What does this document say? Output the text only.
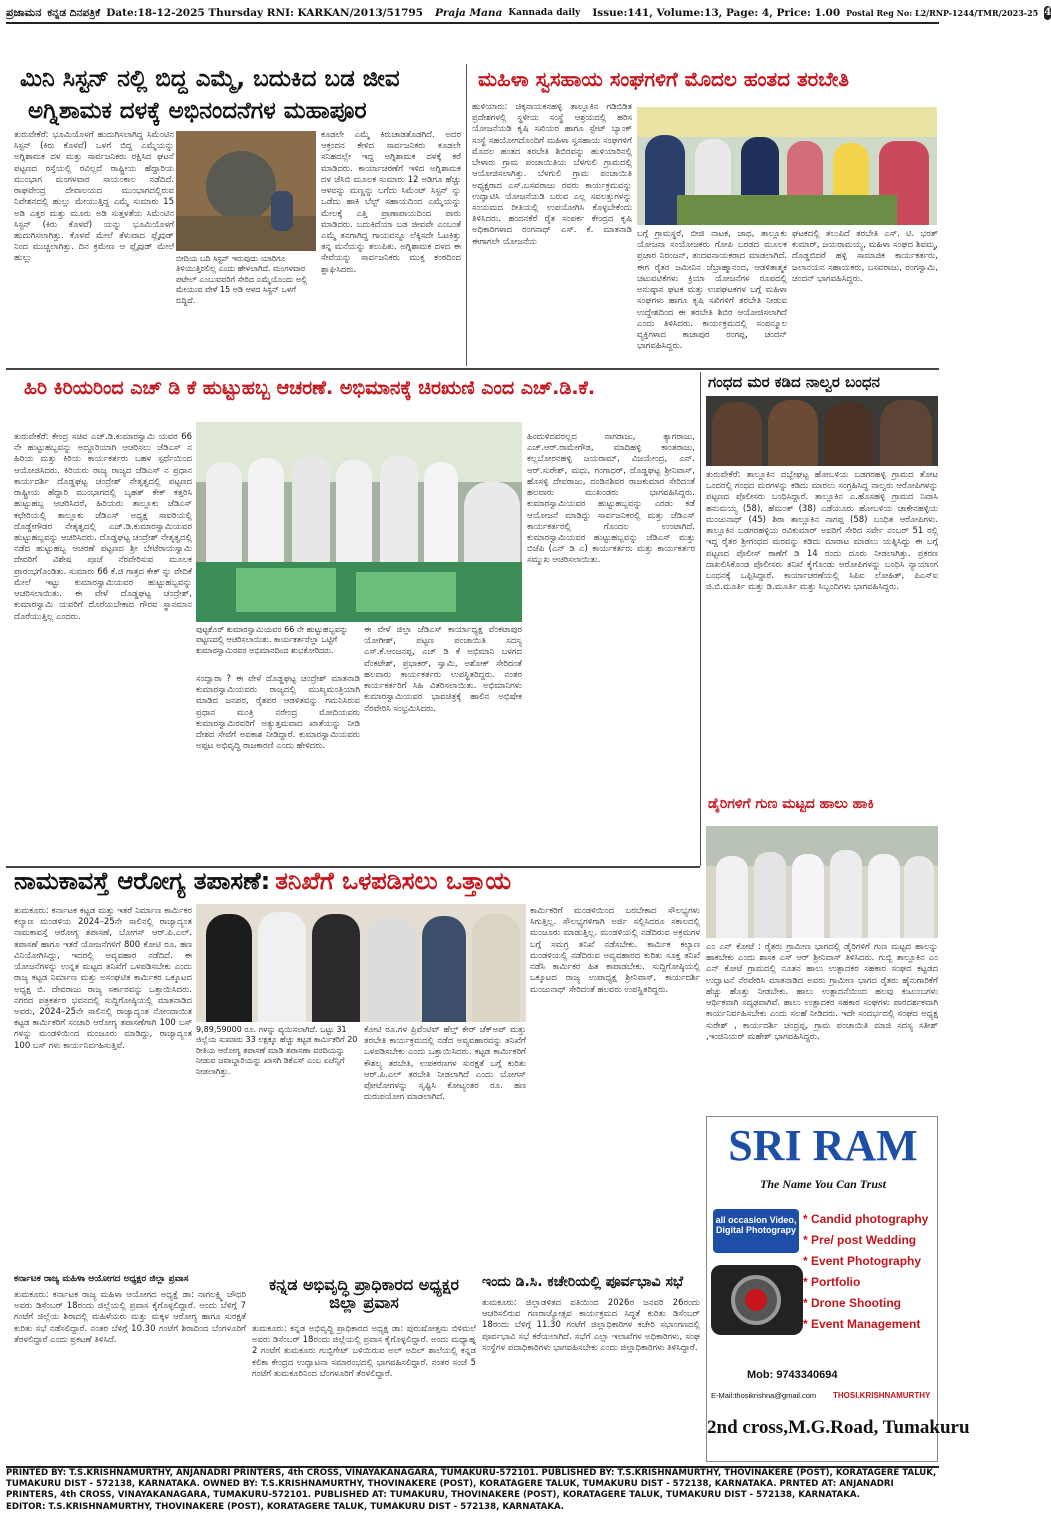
ಪ್ರಜಾಮನ ಕನ್ನಡ ದಿನಪತ್ರಿಕೆ Date:18-12-2025 Thursday RNI: KARKAN/2013/51795 Praja Mana Kannada daily Issue:141, Volume:13, Page: 4, Price: 1.00 Postal Reg No: L2/RNP-1244/TMR/2023-25 4
ಮಿನಿ ಸಿಸ್ಟನ್ ನಲ್ಲಿ ಬಿದ್ದ ಎಮ್ಮೆ, ಬದುಕಿದ ಬಡ ಜೀವ
ಅಗ್ನಿಶಾಮಕ ದಳಕ್ಕೆ ಅಭಿನಂದನೆಗಳ ಮಹಾಪೂರ
ತುರುವೇಕೆರೆ: ಭೂಮಿಯೊಳಗೆ ಹುದುಗಿಸಲಾಗಿದ್ದ ಸಿಮೆಂಟಿನ ಸಿಸ್ಟನ್ (ಕಿರು ಕೊಳವೆ) ಒಳಗೆ ಬಿದ್ದ ಎಮ್ಮೆಯನ್ನು ಅಗ್ನಿಶಾಮಕ ದಳ ಮತ್ತು ಸಾರ್ವಜನಿಕರು ರಕ್ಷಿಸಿದ ಘಟನೆ ಪಟ್ಟಣದ ರಸ್ತೆಯಲ್ಲಿ ರವಿಲ್ಲದೆ ರಾಷ್ಟ್ರೀಯ ಹೆದ್ದಾರಿಯ ಮುಂಭಾಗ ಮಂಗಳವಾರ ಸಾಯಂಕಾಲ ನಡೆದಿದೆ. ರಾಘವೇಂದ್ರ ದೇವಾಲಯದ ಮುಂಭಾಗದಲ್ಲಿರುವ ನಿವೇಶನದಲ್ಲಿ ಹುಲ್ಲು ಮೇಯುತ್ತಿದ್ದ ಎಮ್ಮೆ ಸುಮಾರು 15 ಅಡಿ ಎತ್ತರ ಮತ್ತು ಮೂರು ಅಡಿ ಸುತ್ತಳತೆಯ ಸಿಮೆಂಟಿನ ಸಿಸ್ಟನ್ (ಕಿರು ಕೊಳವೆ) ಯನ್ನು ಭೂಮಿಯೊಳಗೆ ಹುದುಗಿಸಲಾಗಿತ್ತು. ಕೊಳವೆ ಮೇಲೆ ತೆಳುವಾದ ಪ್ಲೈವುಡ್ ನಿಂದ ಮುಚ್ಚಲಾಗಿತ್ತು. ದಿನ ಕ್ರಮೇಣ ಆ ಪ್ಲೈವುಡ್ ಮೇಲೆ ಹುಲ್ಲು	ಬೀದಿಯ ಬದಿ ಸಿಸ್ಟನ್ ಇರುವುದು ಯಾರಿಗೂ ತಿಳಿಯುತ್ತಿರಲಿಲ್ಲ ಎಂದು ಹೇಳಲಾಗಿದೆ. ಮಂಗಳವಾರ ಪಟೇಲ್ ಎಂಬುವವರಿಗೆ ಸೇರಿದ ಎಮ್ಮೆಯೊಂದು ಅಲ್ಲಿ ಮೇಯುವ ವೇಳೆ 15 ಅಡಿ ಆಳದ ಸಿಸ್ಟನ್ ಒಳಗೆ ಬಿದ್ದಿದೆ.
ಕೂಡಲೇ ಎಮ್ಮೆ ಕಿರುಚಾಡತೊಡಗಿದೆ. ಅದರ ಆಕ್ರಂದನ ಕೇಳಿದ ಸಾರ್ವಜನಿಕರು ಕೂಡಲೇ ಸನಿಹದಲ್ಲೇ ಇದ್ದ ಅಗ್ನಿಶಾಮಕ ದಳಕ್ಕೆ ಕರೆ ಮಾಡಿದರು. ಕಾರ್ಯಾಚರಣೆಗೆ ಇಳಿದ ಅಗ್ನಿಶಾಮಕ ದಳ ಜೆಸಿಬಿ ಮೂಲಕ ಸುಮಾರು 12 ಅಡಿಗೂ ಹೆಚ್ಚು ಆಳವನ್ನು ಮಣ್ಣನ್ನು ಬಗೆದು ಸಿಮೆಂಟ್ ಸಿಸ್ಟನ್ ನ್ನು ಒಡೆದು ಹಾಕಿ ಬೆಲ್ಟ್ ಸಹಾಯದಿಂದ ಎಮ್ಮೆಯನ್ನು ಮೇಲಕ್ಕೆ ಎತ್ತಿ ಪ್ರಾಣಾಪಾಯದಿಂದ ಪಾರು ಮಾಡಿದರು. ಬದುಕಿದೆಯಾ ಬಡ ಜೀವವೇ ಎಂಬಂತೆ ಎಮ್ಮೆ ತನಗಾಗಿದ್ದ ಗಾಯವನ್ನೂ ಲೆಕ್ಕಿಸದೇ ಓಟಕಿತ್ತು ತನ್ನ ಮನೆಯನ್ನು ತಲುಪಿತು. ಅಗ್ನಿಶಾಮಕ ದಳದ ಈ ಸೇವೆಯನ್ನು ಸಾರ್ವಜನಿಕರು ಮುಕ್ತ ಕಂಠದಿಂದ ಶ್ಲಾಘಿಸಿದರು.
ಮಹಿಳಾ ಸ್ವಸಹಾಯ ಸಂಘಗಳಿಗೆ ಮೊದಲ ಹಂತದ ತರಬೇತಿ
ಹುಳಿಯಾರು: ಚಿಕ್ಕನಾಯಕನಹಳ್ಳಿ ತಾಲ್ಲೂಕಿನ ಗಡಿಬಿಡಿತ ಪ್ರದೇಶಗಳಲ್ಲಿ ಸ್ಥಳೀಯ ಸಂಸ್ಥೆ ಆಶ್ರಯದಲ್ಲಿ ಹರಿಸ ಯೋಜನೆಯಡಿ ಕೃಷಿ ಸಖಿಯರ ಹಾಗೂ ಸ್ಟೇಟ್ ಬ್ಯಾಂಕ್ ಸಂಸ್ಥೆ ಸಹಯೋಗದೊಂದಿಗೆ ಮಹಿಳಾ ಸ್ವಸಹಾಯ ಸಂಘಗಳಿಗೆ ಮೊದಲ ಹಂತದ ತರಬೇತಿ ಶಿಬಿರವನ್ನು ಹುಳಿಯಾರಿನಲ್ಲಿ ಬೇಳಾರು ಗ್ರಾಮ ಪಂಚಾಯಿತಿಯ ಬೆಳಗುಲಿ ಗ್ರಾಮದಲ್ಲಿ ಆಯೋಜಿಸಲಾಗಿತ್ತು. ಬೆಳಗುಲಿ ಗ್ರಾಮ ಪಂಚಾಯಿತಿ ಅಧ್ಯಕ್ಷರಾದ ಎಸ್.ಬಸವರಾಜು ರವರು ಕಾರ್ಯಕ್ರಮವನ್ನು ಉದ್ಘಾಟಿಸಿ ಯೋಜನೆಯಡಿ ಬರುವ ಎಲ್ಲ ಸವಲತ್ತುಗಳನ್ನು ಸಂಯಮದ ರೀತಿಯಲ್ಲಿ ಉಪಯೋಗಿಸಿ ಕೊಳ್ಳಬೇಕೆಂದು ತಿಳಿಸಿದರು. ಹಂದನಕೆರೆ ರೈತ ಸಂಪರ್ಕ ಕೇಂದ್ರದ ಕೃಷಿ ಅಧಿಕಾರಿಗಳಾದ ರಂಗನಾಥ್ ಎಸ್. ಕೆ. ಮಾತನಾಡಿ ಈಗಾಗಲೇ ಯೋಜನೆಯ
ಬಗ್ಗೆ ಗ್ರಾಮಸ್ಥರೆ, ಬೀಜಿ ನಾಟಕ, ಜಾಥ, ತಾಲ್ಲೂಕು ಯೋಜನಾ ಸಂಯೋಜಕರು ಗೋಪಿ ಬರಡದ ಮೂಲಕ ಪ್ರಚಾರ ನಿರಂಜನ್, ತಂದವನಾಯಕರಾದ ಮಾಡಲಾಗಿದೆ. ಈಗ ರೈತರ ಜಮೀನಿನ ಜೆಬ್ರಾಹ್ಮಾನಂದ, ಆಡಳಿತಾತ್ಮಕ ಚಟುವಟಿಕೆಗಳು ಕ್ರಿಯಾ ಯೋಜನೆಗಳ ರೂಪದಲ್ಲಿ ಅನುಷ್ಠಾನ ಘಟಕ ಮತ್ತು ಉಪಘಟಕಗಳ ಬಗ್ಗೆ ಮಹಿಳಾ ಸಂಘಗಳು ಹಾಗೂ ಕೃಷಿ ಸಖಿಗಳಿಗೆ ತರಬೇತಿ ನೀಡುವ ಉದ್ದೇಶದಿಂದ ಈ ತರಬೇತಿ ಶಿಬಿರ ಆಯೋಜಿಸಲಾಗಿದೆ ಎಂದು ತಿಳಿಸಿದರು. ಕಾರ್ಯಕ್ರಮದಲ್ಲಿ ಸಂಪನ್ಮೂಲ ವ್ಯಕ್ತಿಗಳಾದ ಕಾಚಾಪುರ ರಂಗಪ್ಪ, ಚಂದನ್ ಭಾಗವಹಿಸಿದ್ದರು.
ಘಟಕದಲ್ಲಿ ತಲುಪಿದೆ ತರಬೇತಿ ಎಸ್. ಟಿ. ಭರತ್ ಕುಮಾರ್, ಜಯರಾಮಯ್ಯ, ಮಹಿಳಾ ಸಂಘದ ಶಿವಮ್ಮ, ದೊಡ್ಡಬಿದರೆ ಹಳ್ಳಿ ಸಾಮಾಜಿಕ ಕಾರ್ಯಕರ್ತರು, ಜಲಾನಯನ ಸಹಾಯಕರು, ಬಸವರಾಜು, ರಂಗಸ್ವಾಮಿ, ಚಂದನ್ ಭಾಗವಹಿಸಿದ್ದರು.
ಹಿರಿ ಕಿರಿಯರಿಂದ ಎಚ್ ಡಿ ಕೆ ಹುಟ್ಟುಹಬ್ಬ ಆಚರಣೆ. ಅಭಿಮಾನಕ್ಕೆ ಚಿರಋಣಿ ಎಂದ ಎಚ್.ಡಿ.ಕೆ.
ತುರುವೇಕೆರೆ: ಕೇಂದ್ರ ಸಚಿವ ಎಚ್.ಡಿ.ಕುಮಾರಸ್ವಾಮಿ ಯವರ 66 ನೇ ಹುಟ್ಟುಹಬ್ಬವನ್ನು ಅದ್ದೂರಿಯಾಗಿ ಆಚರಿಸಲು ಜೆಡಿಎಸ್ ನ ಹಿರಿಯ ಮತ್ತು ಕಿರಿಯ ಕಾರ್ಯಕರ್ತರು ಬಹಳ ಸ್ಪರ್ಧೆಯಿಂದ ಆಯೋಜಿಸಿದರು. ಕಿರಿಯರು ರಾಜ್ಯ ರಾಜ್ಯದ ಜೆಡಿಎಸ್ ನ ಪ್ರಧಾನ ಕಾರ್ಯದರ್ಶಿ ದೊಡ್ಡಘಟ್ಟ ಚಂದ್ರೇಶ್ ನೇತೃತ್ವದಲ್ಲಿ ಪಟ್ಟಣದ ರಾಷ್ಟ್ರೀಯ ಹೆದ್ದಾರಿ ಮುಂಭಾಗದಲ್ಲಿ ಬೃಹತ್ ಕೇಕ್ ಕತ್ತರಿಸಿ ಹುಟ್ಟುಹಬ್ಬ ಆಚರಿಸಿದರೆ, ಹಿರಿಯರು ತಾಲ್ಲೂಕು ಜೆಡಿಎಸ್ ಕಛೇರಿಯಲ್ಲಿ ತಾಲ್ಲೂಕು ಜೆಡಿಎಸ್ ಅಧ್ಯಕ್ಷ ಸಾವರಿಯಲ್ಲಿ ದೊಡ್ಡೇಗೌಡರ ನೇತೃತ್ವದಲ್ಲಿ ಎಚ್.ಡಿ.ಕುಮಾರಸ್ವಾಮಿಯವರ ಹುಟ್ಟುಹಬ್ಬವನ್ನು ಆಚರಿಸಿದರು. ದೊಡ್ಡಘಟ್ಟ ಚಂದ್ರೇಶ್ ನೇತೃತ್ವದಲ್ಲಿ ನಡೆದ ಹುಟ್ಟುಹಬ್ಬ ಆಚರಣೆ ಪಟ್ಟಣದ ಶ್ರೀ ಬೇಟೆರಾಯಸ್ವಾಮಿ ದೇವರಿಗೆ ವಿಶೇಷ ಪೂಜೆ ನೆರವೇರಿಸುವ ಮೂಲಕ ಪ್ರಾರಂಭಗೊಂಡಿತು. ಸುಮಾರು 66 ಕೆ.ಜಿ ಗಾತ್ರದ ಕೇಕ್ ನ್ನು ವೇದಿಕೆ ಮೇಲೆ ಇಟ್ಟು ಕುಮಾರಸ್ವಾಮಿಯವರ ಹುಟ್ಟುಹಬ್ಬವನ್ನು ಆಚರಿಸಲಾಯಿತು. ಈ ವೇಳೆ ದೊಡ್ಡಘಟ್ಟ ಚಂದ್ರೇಶ್, ಕುಮಾರಸ್ವಾಮಿ ಯವರಿಗೆ ದೊರೆಯಬೇಕಾದ ಗೌರವ ಸ್ಥಾನಮಾನ ದೊರೆಯುತ್ತಿಲ್ಲ ಎಂದರು.
ಪುಟ್ಟಕೊರ್ ಕುಮಾರಸ್ವಾಮಿಯವರ 66 ನೇ ಹುಟ್ಟುಹಬ್ಬವನ್ನು ಪಟ್ಟಣದಲ್ಲಿ ಆಚರಿಸಲಾಯಿತು. ಕಾರ್ಯಕರ್ತರೆಲ್ಲಾ ಒಟ್ಟಿಗೆ ಕುಮಾರಸ್ವಾಮಿರವರ ಅಭಿಮಾನದಿಂದ ಶುಭಕೋರಿದರು.
ಸಂದ್ವಾರಾ ? ಈ ವೇಳೆ ದೊಡ್ಡಘಟ್ಟ ಚಂದ್ರೇಶ್ ಮಾತನಾಡಿ ಕುಮಾರಸ್ವಾಮಿಯವರು ರಾಜ್ಯದಲ್ಲಿ ಮುಖ್ಯಮಂತ್ರಿಯಾಗಿ ಮಾಡಿದ ಜನಪರ, ರೈತಪರ ಆಡಳಿತವನ್ನು ಗಮನಿಸಿರುವ ಪ್ರಧಾನ ಮಂತ್ರಿ ನರೇಂದ್ರ ಮೋದಿಯವರು ಕುಮಾರಸ್ವಾಮಿರವರಿಗೆ ಅತ್ಯುತ್ತಮವಾದ ಖಾತೆಯನ್ನು ನೀಡಿ ದೇಶದ ಸೇವೆಗೆ ಅವಕಾಶ ನೀಡಿದ್ದಾರೆ. ಕುಮಾರಸ್ವಾಮಿಯವರು ಅಪ್ಪಟ ಅಭಿವೃದ್ಧಿ ರಾಜಕಾರಣಿ ಎಂದು ಹೇಳಿದರು.
ಈ ವೇಳೆ ಜಿಲ್ಲಾ ಜೆಡಿಎಸ್ ಕಾರ್ಯಾಧ್ಯಕ್ಷ ವೆಂಕಟಾಪುರ ಯೋಗೀಶ್, ಪಟ್ಟಣ ಪಂಚಾಯಿತಿ ಸದಸ್ಯ ಎಸ್.ಕೆ.ಆಂಜನಪ್ಪ, ಎಚ್ ಡಿ ಕೆ ಅಭಿಮಾನಿ ಬಳಗದ ವೆಂಕಟೇಶ್, ಪ್ರಭಾಕರ್, ಸ್ವಾಮಿ, ಅಶೋಕ್ ಸೇರಿದಂತೆ ಹಲವಾರು ಕಾರ್ಯಕರ್ತರು ಉಪಸ್ಥಿತರಿದ್ದರು. ನಂತರ ಕಾರ್ಯಕರ್ತರಿಗೆ ಸಿಹಿ ವಿತರಿಸಲಾಯಿತು. ಅಭಿಮಾನಿಗಳು ಕುಮಾರಸ್ವಾಮಿಯವರ ಭಾವಚಿತ್ರಕ್ಕೆ ಹಾಲಿನ ಅಭಿಷೇಕ ನೆರವೇರಿಸಿ ಸಂಭ್ರಮಿಸಿದರು.
ಹಿಂದುಳಿದವರಲ್ಲದ ನಾಗರಾಜು, ತ್ಯಾಗರಾಜು, ಎಚ್.ಆರ್.ರಾಮೇಗೌಡ, ಮಾದಿಹಳ್ಳಿ ಕಾಂತರಾಜು, ಕಲ್ಲಬೋರನಹಳ್ಳಿ ಜಯರಾಮ್, ವಿಜಯೇಂದ್ರ, ಎನ್. ಆರ್.ಸುರೇಶ್, ಮಧು, ಗಂಗಾಧರ್, ದೊಡ್ಡಘಟ್ಟ ಶ್ರೀನಿವಾಸ್, ಹೊಸಳ್ಳಿ ದೇವರಾಜು, ದಂಡಿನಶಿವರ ರಾಜಕುಮಾರ ಸೇರಿದಂತೆ ಹಲವಾರು ಮುಖಂಡರು ಭಾಗವಹಿಸಿದ್ದರು. ಕುಮಾರಸ್ವಾಮಿಯವರ ಹುಟ್ಟುಹಬ್ಬವನ್ನು ಎರಡು ಕಡೆ ಆಯೋಜನೆ ಮಾಡಿದ್ದು ಸಾರ್ವಜನಿಕರಲ್ಲಿ ಮತ್ತು ಜೆಡಿಎಸ್ ಕಾರ್ಯಕರ್ತರಲ್ಲಿ ಗೊಂದಲ ಉಂಟಾಗಿದೆ. ಕುಮಾರಸ್ವಾಮಿಯವರ ಹುಟ್ಟುಹಬ್ಬವನ್ನು ಜೆಡಿಎಸ್ ಮತ್ತು ಬಿಜೆಪಿ (ಎನ್ ಡಿ ಎ) ಕಾರ್ಯಕರ್ತರು ಮತ್ತು ಕಾರ್ಯಕರ್ತರ ಸಮ್ಮುಖ ಆಚರಿಸಲಾಯಿತು.
ಗಂಧದ ಮರ ಕಡಿದ ನಾಲ್ವರ ಬಂಧನ
ತುರುವೇಕೆರೆ: ತಾಲ್ಲೂಕಿನ ದಬ್ಬೇಘಟ್ಟ ಹೋಬಳಿಯ ಬಡಗರಹಳ್ಳಿ ಗ್ರಾಮದ ತೋಟ ಒಂದರಲ್ಲಿ ಗಂಧದ ಮರಗಳನ್ನು ಕಡಿದು ಮಾರಲು ಸಂಗ್ರಹಿಸಿದ್ದ ನಾಲ್ವರು ಆರೋಪಿಗಳನ್ನು ಪಟ್ಟಣದ ಪೊಲೀಸರು ಬಂಧಿಸಿದ್ದಾರೆ. ತಾಲ್ಲೂಕಿನ ಎ.ಹೊಸಹಳ್ಳಿ ಗ್ರಾಮದ ನಿವಾಸಿ ಹನುಮಯ್ಯ (58), ಹೆಮಂತ್ (38) ಎಡೆಯೂರು ಹೋಬಳಿಯ ಚಾಕೇನಹಳ್ಳಿಯ ಮಂಜುನಾಥ್ (45) ಶಿರಾ ತಾಲ್ಲೂಕಿನ ನಾಗಪ್ಪ (58) ಬಂಧಿತ ಆರೋಪಿಗಳು. ತಾಲ್ಲೂಕಿನ ಬಡಗರಹಳ್ಳಿಯ ರವಿಕುಮಾರ್ ಅವರಿಗೆ ಸೇರಿದ ಸರ್ವೇ ನಂಬರ್ 51 ರಲ್ಲಿ ಇದ್ದ ರೈತರ ಶ್ರೀಗಂಧದ ಮರವನ್ನು ಕಡಿದು ಮಾರಾಟ ಮಾಡಲು ಯತ್ನಿಸಿದ್ದು ಈ ಬಗ್ಗೆ ಪಟ್ಟಣದ ಪೊಲೀಸ್ ಠಾಣೆಗೆ ಡಿ 14 ರಂದು ದೂರು ನೀಡಲಾಗಿತ್ತು. ಪ್ರಕರಣ ದಾಖಲಿಸಿಕೊಂಡ ಪೊಲೀಸರು ತನಿಖೆ ಕೈಗೊಂಡು ಆರೋಪಿಗಳನ್ನು ಬಂಧಿಸಿ ನ್ಯಾಯಾಂಗ ಬಂಧನಕ್ಕೆ ಒಪ್ಪಿಸಿದ್ದಾರೆ. ಕಾರ್ಯಾಚರಣೆಯಲ್ಲಿ ಸಿಪಿಐ ಲೋಹಿತ್, ಪಿಎಸ್ಐ ಜಿ.ಬಿ.ಮೂರ್ತಿ ಮತ್ತು ಡಿ.ಮೂರ್ತಿ ಮತ್ತು ಸಿಬ್ಬಂದಿಗಳು ಭಾಗವಹಿಸಿದ್ದರು.
ಡೈರಿಗಳಿಗೆ ಗುಣ ಮಟ್ಟದ ಹಾಲು ಹಾಕಿ
ಎಂ ಎನ್ ಕೋಟೆ : ರೈತರು ಗ್ರಾಮೀಣ ಭಾಗದಲ್ಲಿ ಡೈರಿಗಳಿಗೆ ಗುಣ ಮಟ್ಟದ ಹಾಲನ್ನು ಹಾಕಬೇಕು ಎಂದು ಶಾಸಕ ಎಸ್ ಆರ್ ಶ್ರೀನಿವಾಸ್ ತಿಳಿಸಿದರು. ಗುಬ್ಬಿ ತಾಲ್ಲೂಕಿನ ಎಂ ಎನ್ ಕೋಟೆ ಗ್ರಾಮದಲ್ಲಿ ನೂತನ ಹಾಲು ಉತ್ಪಾದಕರ ಸಹಕಾರ ಸಂಘದ ಕಟ್ಟಡದ ಉದ್ಘಾಟನೆ ನೆರವೇರಿಸಿ ಮಾತನಾಡಿದ ಅವರು ಗ್ರಾಮೀಣ ಭಾಗದ ರೈತರು ಹೈನುಗಾರಿಕೆಗೆ ಹೆಚ್ಚು ಹೊತ್ತು ನೀಡಬೇಕು. ಹಾಲು ಉತ್ಪಾದನೆಯಿಂದ ಹಲವು ಕುಟುಂಬಗಳು ಆರ್ಥಿಕವಾಗಿ ಸದೃಢವಾಗಿವೆ. ಹಾಲು ಉತ್ಪಾದಕರ ಸಹಕಾರ ಸಂಘಗಳು ಪಾರದರ್ಶಕವಾಗಿ ಕಾರ್ಯನಿರ್ವಹಿಸಬೇಕು ಎಂದು ಸಲಹೆ ನೀಡಿದರು. ಇದೇ ಸಂದರ್ಭದಲ್ಲಿ ಸಂಘದ ಅಧ್ಯಕ್ಷ ಸುರೇಶ್ , ಕಾರ್ಯದರ್ಶಿ ಚಂದ್ರಪ್ಪ, ಗ್ರಾಮ ಪಂಚಾಯಿತಿ ಮಾಜಿ ಸದಸ್ಯ ಸತೀಶ್ ,ಇಂಜಿನಿಯರ್ ಮಹೇಶ್ ಭಾಗವಹಿಸಿದ್ದರು.
ನಾಮಕಾವಸ್ತೆ ಆರೋಗ್ಯ ತಪಾಸಣೆ: ತನಿಖೆಗೆ ಒಳಪಡಿಸಲು ಒತ್ತಾಯ
ತುಮಕೂರು: ಕರ್ನಾಟಕ ಕಟ್ಟಡ ಮತ್ತು ಇತರೆ ನಿರ್ಮಾಣ ಕಾರ್ಮಿಕರ ಕಲ್ಯಾಣ ಮಂಡಳಿಯ 2024–25ನೇ ಸಾಲಿನಲ್ಲಿ ರಾಜ್ಯಾದ್ಯಂತ ನಾಮಕಾವಸ್ತೆ ಆರೋಗ್ಯ ತಪಾಸಣೆ, ಬೋಗಸ್ ಆರ್.ಪಿ.ಎಲ್. ತಪಾಸಣೆ ಹಾಗೂ ಇತರೆ ಯೋಜನೆಗಳಿಗೆ 800 ಕೋಟಿ ರೂ. ಹಣ ವಿನಿಯೋಗಿಸಿದ್ದು, ಇದರಲ್ಲಿ ಅವ್ಯವಹಾರ ನಡೆದಿದೆ. ಈ ಯೋಜನೆಗಳನ್ನು ಉನ್ನತ ಮಟ್ಟದ ತನಿಖೆಗೆ ಒಳಪಡಿಸಬೇಕು ಎಂದು ರಾಜ್ಯ ಕಟ್ಟಡ ನಿರ್ಮಾಣ ಮತ್ತು ಅಸಂಘಟಿತ ಕಾರ್ಮಿಕರ ಒಕ್ಕೂಟದ ಅಧ್ಯಕ್ಷ ಬಿ. ದೇವರಾಜು ರಾಜ್ಯ ಸರ್ಕಾರವನ್ನು ಒತ್ತಾಯಿಸಿದರು. ನಗರದ ಪತ್ರಕರ್ತರ ಭವನದಲ್ಲಿ ಸುದ್ದಿಗೋಷ್ಠಿಯಲ್ಲಿ ಮಾತನಾಡಿದ ಅವರು, 2024–25ನೇ ಸಾಲಿನಲ್ಲಿ ರಾಜ್ಯಾದ್ಯಂತ ನೋಂದಾಯಿತ ಕಟ್ಟಡ ಕಾರ್ಮಿಕರಿಗೆ ಸಂಚಾರಿ ಆರೋಗ್ಯ ತಪಾಸಣೆಗಾಗಿ 100 ಬಸ್ ಗಳನ್ನು ಮಂಡಳಿಯಿಂದ ಮಂಜೂರು ಮಾಡಿದ್ದು, ರಾಜ್ಯಾದ್ಯಂತ 100 ಬಸ್ ಗಳು ಕಾರ್ಯನಿರ್ವಹಿಸುತ್ತಿವೆ.
9,89,59000 ರೂ. ಗಳನ್ನು ವ್ಯಯಿಸಲಾಗಿದೆ. ಒಟ್ಟು 31 ಜಿಲ್ಲೆಯ ಸುಮಾರು 33 ಲಕ್ಷಕ್ಕೂ ಹೆಚ್ಚು ಕಟ್ಟಡ ಕಾರ್ಮಿಕರಿಗೆ 20 ರೀತಿಯ ಆರೋಗ್ಯ ತಪಾಸಣೆ ಮಾಡಿ ತಪಾಸಣಾ ವರದಿಯನ್ನು ನೀಡುವ ಜವಾಬ್ದಾರಿಯನ್ನು ಖಾಸಗಿ ಡಿಕೆಎಸ್ ಎಂಬ ಏಜೆನ್ಸಿಗೆ ನೀಡಲಾಗಿತ್ತು.
ಕೋಟಿ ರೂ.ಗಳ ಪ್ರಿವೆಂಟಿವ್ ಹೆಲ್ತ್ ಕೇರ್ ಚೆಕ್ಅಪ್ ಮತ್ತು ತರಬೇತಿ ಕಾರ್ಯಕ್ರಮದಲ್ಲಿ ನಡೆದ ಅವ್ಯವಹಾರವನ್ನು ತನಿಖೆಗೆ ಒಳಪಡಿಸಬೇಕು ಎಂದು ಒತ್ತಾಯಿಸಿದರು. ಕಟ್ಟಡ ಕಾರ್ಮಿಕರಿಗೆ ಕೌಶಲ್ಯ ತರಬೇತಿ, ಉಪಕರಣಗಳ ಸುರಕ್ಷತೆ ಬಗ್ಗೆ ಕುರಿತು ಆರ್.ಪಿ.ಎಲ್ ತರಬೇತಿ ನೀಡಲಾಗಿದೆ ಎಂದು ಬೋಗಸ್ ಪೋಟೋಗಳನ್ನು ಸೃಷ್ಟಿಸಿ ಕೋಟ್ಯಂತರ ರೂ. ಹಣ ದುರುಪಯೋಗ ಮಾಡಲಾಗಿದೆ.
ಕಾರ್ಮಿಕರಿಗೆ ಮಂಡಳಿಯಿಂದ ಬರಬೇಕಾದ ಸೌಲಭ್ಯಗಳು ಸಿಗುತ್ತಿಲ್ಲ. ಸೌಲಭ್ಯಗಳಿಗಾಗಿ ಅರ್ಜಿ ಸಲ್ಲಿಸಿದರೂ ಸಕಾಲದಲ್ಲಿ ಮಂಜೂರು ಮಾಡುತ್ತಿಲ್ಲ. ಮಂಡಳಿಯಲ್ಲಿ ನಡೆದಿರುವ ಅಕ್ರಮಗಳ ಬಗ್ಗೆ ಸಮಗ್ರ ತನಿಖೆ ನಡೆಸಬೇಕು. ಕಾರ್ಮಿಕ ಕಲ್ಯಾಣ ಮಂಡಳಿಯಲ್ಲಿ ನಡೆದಿರುವ ಅವ್ಯವಹಾರದ ಕುರಿತು ಸೂಕ್ತ ತನಿಖೆ ನಡೆಸಿ ಕಾರ್ಮಿಕರ ಹಿತ ಕಾಪಾಡಬೇಕು. ಸುದ್ದಿಗೋಷ್ಠಿಯಲ್ಲಿ ಒಕ್ಕೂಟದ ರಾಜ್ಯ ಉಪಾಧ್ಯಕ್ಷ ಶ್ರೀನಿವಾಸ್, ಕಾರ್ಯದರ್ಶಿ ಮಂಜುನಾಥ್ ಸೇರಿದಂತೆ ಹಲವರು ಉಪಸ್ಥಿತರಿದ್ದರು.
ಕರ್ನಾಟಕ ರಾಜ್ಯ ಮಹಿಳಾ ಆಯೋಗದ ಅಧ್ಯಕ್ಷರ ಜಿಲ್ಲಾ ಪ್ರವಾಸ
ತುಮಕೂರು: ಕರ್ನಾಟಕ ರಾಜ್ಯ ಮಹಿಳಾ ಆಯೋಗದ ಅಧ್ಯಕ್ಷೆ ಡಾ: ನಾಗಲಕ್ಷ್ಮಿ ಚೌಧರಿ ಅವರು ಡಿಸೆಂಬರ್ 18ರಂದು ಜಿಲ್ಲೆಯಲ್ಲಿ ಪ್ರವಾಸ ಕೈಗೊಳ್ಳಲಿದ್ದಾರೆ. ಅಂದು ಬೆಳಿಗ್ಗೆ 7 ಗಂಟೆಗೆ ಜಿಲ್ಲೆಯ ಶಿರಾದಲ್ಲಿ ಮಹಿಳೆಯರು ಮತ್ತು ಮಕ್ಕಳ ಆರೋಗ್ಯ ಹಾಗೂ ಸುರಕ್ಷತೆ ಕುರಿತು ಸಭೆ ನಡೆಸಲಿದ್ದಾರೆ. ನಂತರ ಬೆಳಿಗ್ಗೆ 10.30 ಗಂಟೆಗೆ ಶಿರಾದಿಂದ ಬೆಂಗಳೂರಿಗೆ ತೆರಳಲಿದ್ದಾರೆ ಎಂದು ಪ್ರಕಟಣೆ ತಿಳಿಸಿದೆ.
ಕನ್ನಡ ಅಭಿವೃದ್ಧಿ ಪ್ರಾಧಿಕಾರದ ಅಧ್ಯಕ್ಷರ ಜಿಲ್ಲಾ ಪ್ರವಾಸ
ತುಮಕೂರು: ಕನ್ನಡ ಅಭಿವೃದ್ಧಿ ಪ್ರಾಧಿಕಾರದ ಅಧ್ಯಕ್ಷ ಡಾ: ಪುರುಷೋತ್ತಮ ಬಿಳಿಮಲೆ ಅವರು ಡಿಸೆಂಬರ್ 18ರಂದು ಜಿಲ್ಲೆಯಲ್ಲಿ ಪ್ರವಾಸ ಕೈಗೊಳ್ಳಲಿದ್ದಾರೆ. ಅಂದು ಮಧ್ಯಾಹ್ನ 2 ಗಂಟೆಗೆ ತುಮಕೂರು ಗುಬ್ಬಿಗೇಟ್ ಬಳಿಯಿರುವ ಅಲ್ ಅದಿಲ್ ಶಾಲೆಯಲ್ಲಿ ಕನ್ನಡ ಕಲಿಕಾ ಕೇಂದ್ರದ ಉದ್ಘಾಟನಾ ಸಮಾರಂಭದಲ್ಲಿ ಭಾಗವಹಿಸಲಿದ್ದಾರೆ. ನಂತರ ಸಂಜೆ 5 ಗಂಟೆಗೆ ತುಮಕೂರಿನಿಂದ ಬೆಂಗಳೂರಿಗೆ ತೆರಳಲಿದ್ದಾರೆ.
ಇಂದು ಡಿ.ಸಿ. ಕಚೇರಿಯಲ್ಲಿ ಪೂರ್ವಭಾವಿ ಸಭೆ
ತುಮಕೂರು: ಜಿಲ್ಲಾಡಳಿತದ ವತಿಯಿಂದ 2026ರ ಜನವರಿ 26ರಂದು ಆಚರಿಸಲಿರುವ ಗಣರಾಜ್ಯೋತ್ಸವ ಕಾರ್ಯಕ್ರಮದ ಸಿದ್ಧತೆ ಕುರಿತು ಡಿಸೆಂಬರ್ 18ರಂದು ಬೆಳಿಗ್ಗೆ 11.30 ಗಂಟೆಗೆ ಜಿಲ್ಲಾಧಿಕಾರಿಗಳ ಕಚೇರಿ ಸಭಾಂಗಣದಲ್ಲಿ ಪೂರ್ವಭಾವಿ ಸಭೆ ಕರೆಯಲಾಗಿದೆ. ಸಭೆಗೆ ಎಲ್ಲಾ ಇಲಾಖೆಗಳ ಅಧಿಕಾರಿಗಳು, ಸಂಘ ಸಂಸ್ಥೆಗಳ ಪದಾಧಿಕಾರಿಗಳು ಭಾಗವಹಿಸಬೇಕು ಎಂದು ಜಿಲ್ಲಾಧಿಕಾರಿಗಳು ತಿಳಿಸಿದ್ದಾರೆ.
SRI RAM
The Name You Can Trust
all occasion Video, Digital Photograpy
* Candid photography
* Pre/ post Wedding
* Event Photography
* Portfolio
* Drone Shooting
* Event Management
Mob: 9743340694
E-Mail:thosikrishna@gmail.com	THOSI.KRISHNAMURTHY
2nd cross,M.G.Road, Tumakuru
PRINTED BY: T.S.KRISHNAMURTHY, ANJANADRI PRINTERS, 4th CROSS, VINAYAKANAGARA, TUMAKURU-572101. PUBLISHED BY: T.S.KRISHNAMURTHY, THOVINAKERE (POST), KORATAGERE TALUK, TUMAKURU DIST - 572138, KARNATAKA. OWNED BY: T.S.KRISHNAMURTHY, THOVINAKERE (POST), KORATAGERE TALUK, TUMAKURU DIST - 572138, KARNATAKA. PRNTED AT: ANJANADRI PRINTERS, 4th CROSS, VINAYAKANAGARA, TUMAKURU-572101. PUBLISHED AT: TUMAKURU, THOVINAKERE (POST), KORATAGERE TALUK, TUMAKURU DIST - 572138, KARNATAKA.
EDITOR: T.S.KRISHNAMURTHY, THOVINAKERE (POST), KORATAGERE TALUK, TUMAKURU DIST - 572138, KARNATAKA.
